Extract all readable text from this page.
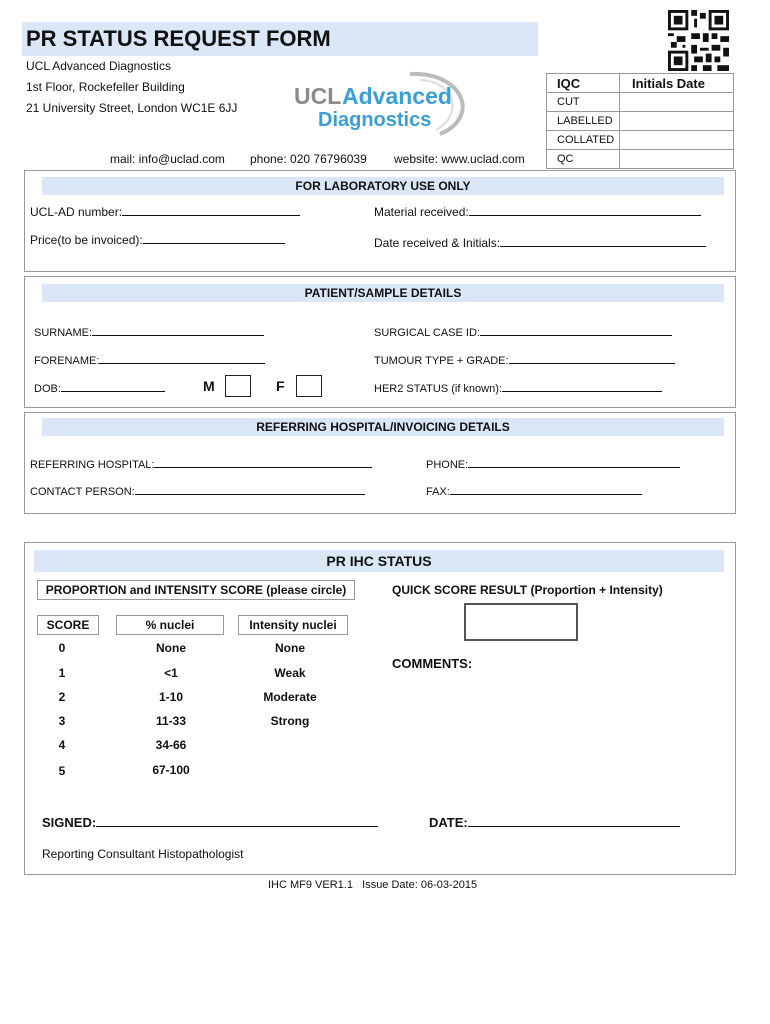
PR STATUS REQUEST FORM
UCL Advanced Diagnostics
1st Floor, Rockefeller Building
21 University Street, London WC1E 6JJ UCL Advanced
Diagnostics
IQC	Initials Date
CUT	
LABELLED	
COLLATED	
QC	
mail: info@uclad.com phone: 020 76796039 website: www.uclad.com
FOR LABORATORY USE ONLY
UCL-AD number:	Material received:
Price(to be invoiced):	Date received & Initials:
PATIENT/SAMPLE DETAILS
SURNAME:	SURGICAL CASE ID:
FORENAME:	TUMOUR TYPE + GRADE:
DOB:	M	F	HER2 STATUS (if known):
REFERRING HOSPITAL/INVOICING DETAILS
REFERRING HOSPITAL:	PHONE:
CONTACT PERSON:	FAX:
PR IHC STATUS
PROPORTION and INTENSITY SCORE (please circle)	QUICK SCORE RESULT (Proportion + Intensity)
SCORE	% nuclei	Intensity nuclei
0	None	None
1	<1	Weak
2	1-10	Moderate
3	11-33	Strong
4	34-66
5	67-100
COMMENTS:
SIGNED:	DATE:
Reporting Consultant Histopathologist
IHC MF9 VER1.1   Issue Date: 06-03-2015
